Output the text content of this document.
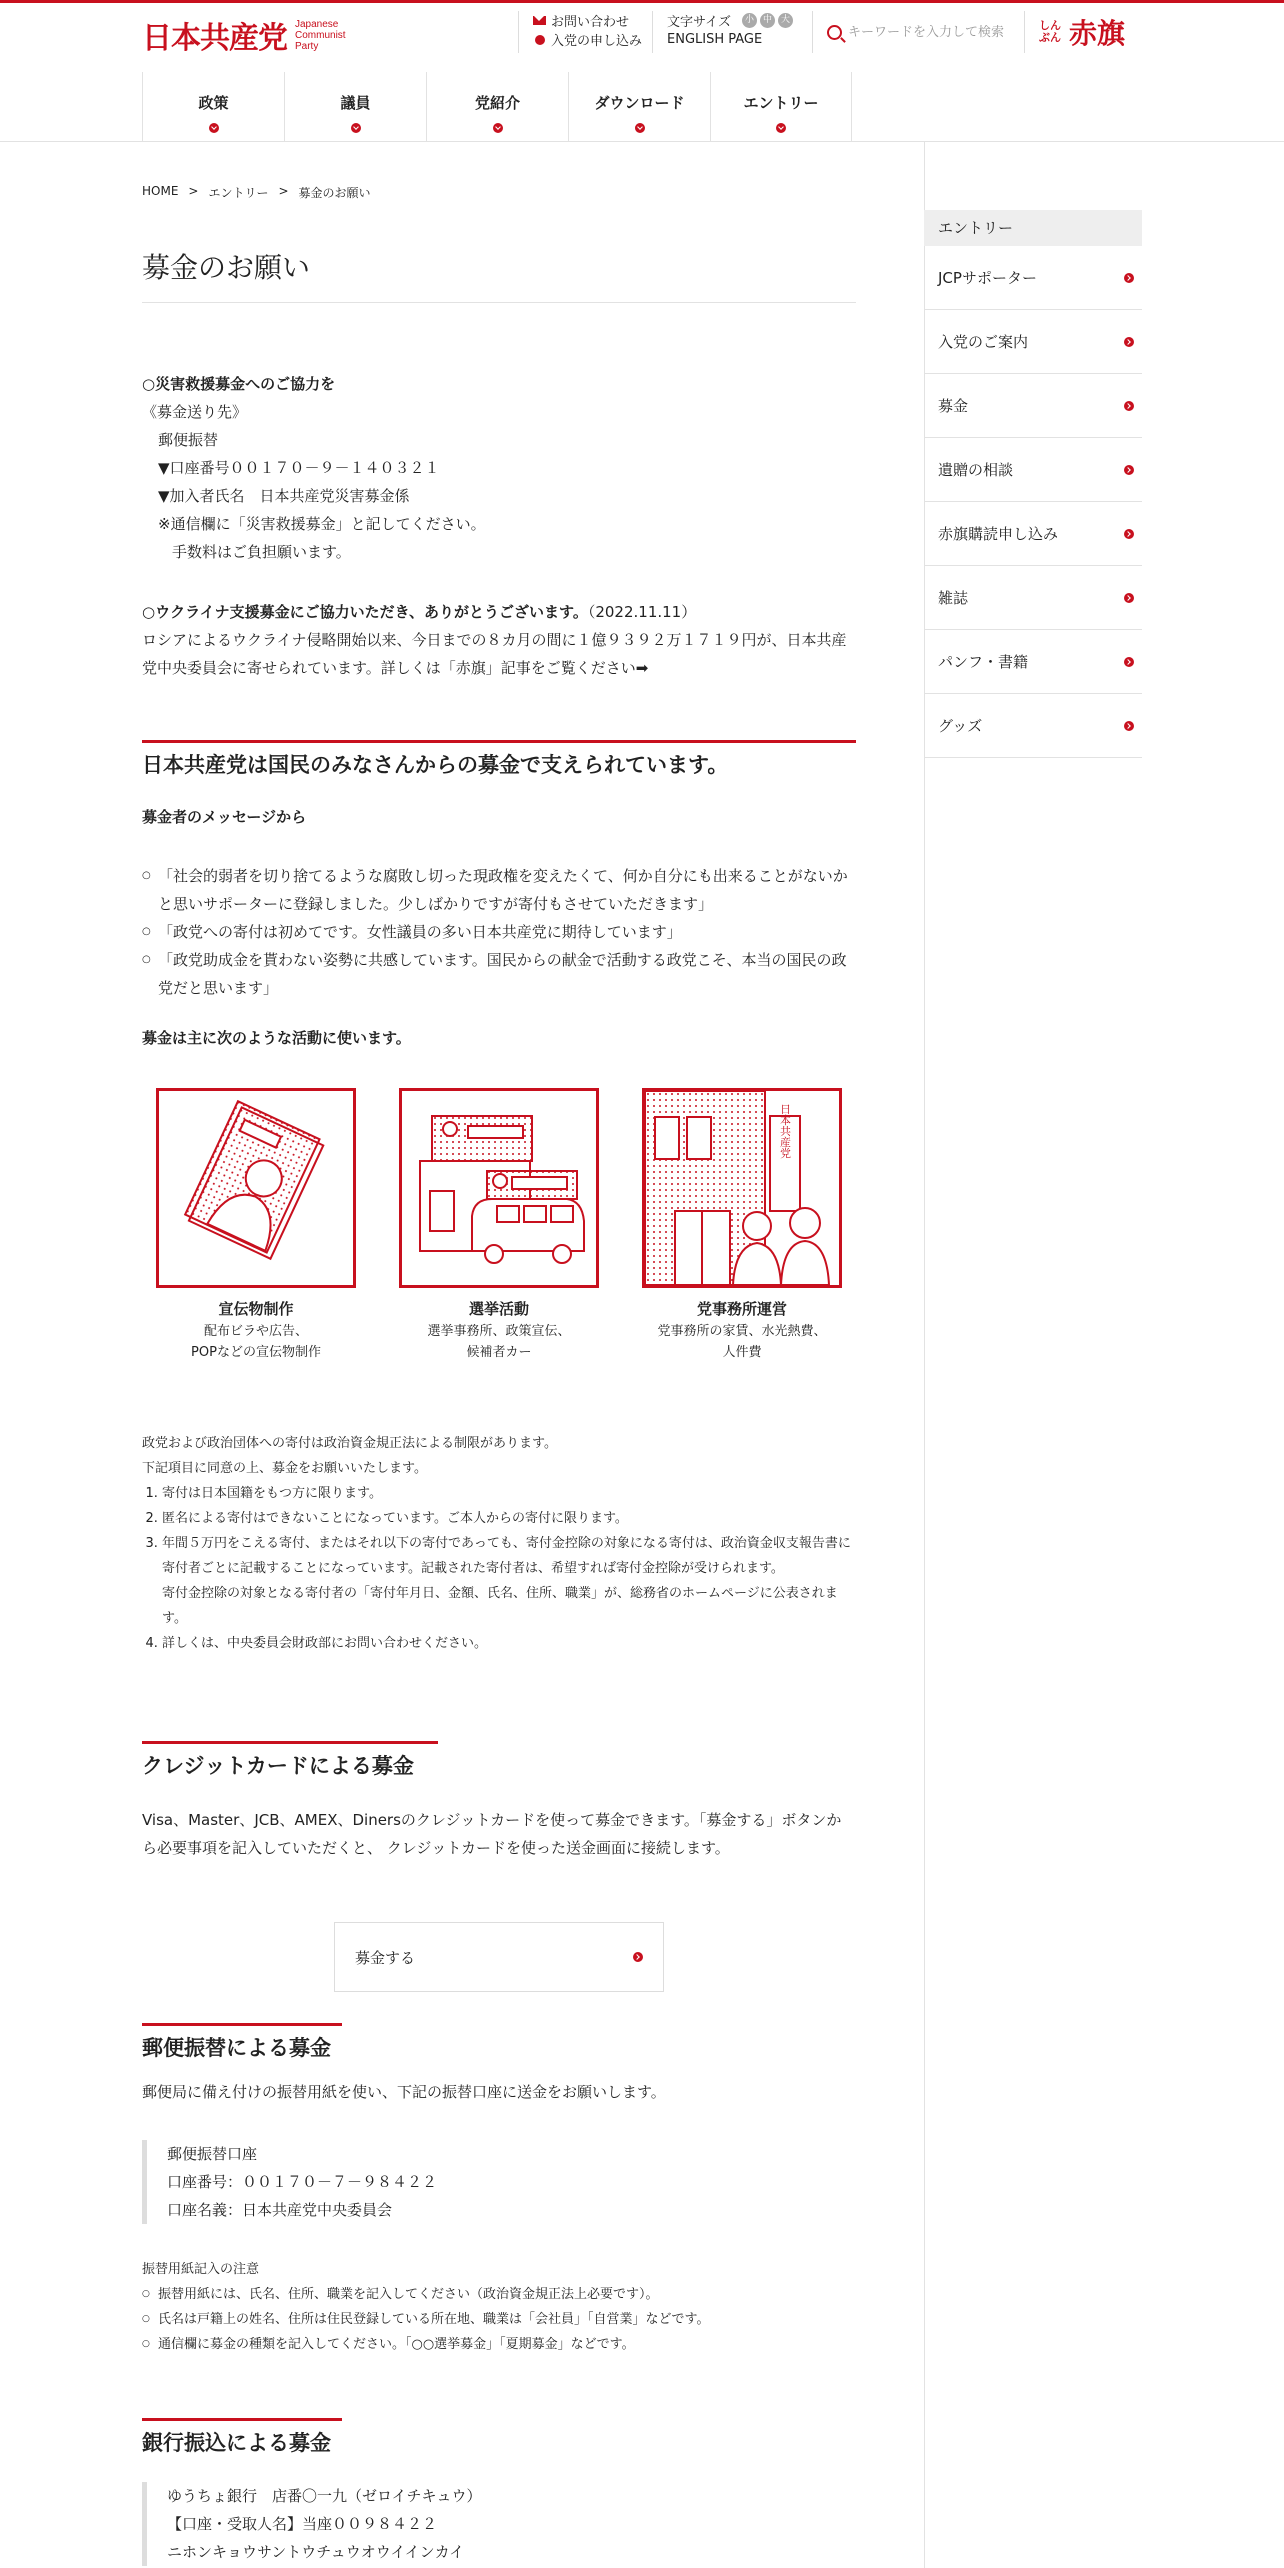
日本共産党 Japanese Communist Party
お問い合わせ
入党の申し込み
文字サイズ	小 中 大
ENGLISH PAGE
キーワードを入力して検索
しんぶん 赤旗
政策	議員	党紹介	ダウンロード	エントリー
HOME > エントリー > 募金のお願い
募金のお願い
○災害救援募金へのご協力を
《募金送り先》
郵便振替
▼口座番号００１７０－９－１４０３２１
▼加入者氏名　日本共産党災害募金係
※通信欄に「災害救援募金」と記してください。
手数料はご負担願います。
○ウクライナ支援募金にご協力いただき、ありがとうございます。（2022.11.11）
ロシアによるウクライナ侵略開始以来、今日までの８カ月の間に１億９３９２万１７１９円が、日本共産党中央委員会に寄せられています。詳しくは「赤旗」記事をご覧ください➡
日本共産党は国民のみなさんからの募金で支えられています。
募金者のメッセージから
○ 「社会的弱者を切り捨てるような腐敗し切った現政権を変えたくて、何か自分にも出来ることがないかと思いサポーターに登録しました。少しばかりですが寄付もさせていただきます」
○ 「政党への寄付は初めてです。女性議員の多い日本共産党に期待しています」
○ 「政党助成金を貰わない姿勢に共感しています。国民からの献金で活動する政党こそ、本当の国民の政党だと思います」
募金は主に次のような活動に使います。
宣伝物制作
配布ビラや広告、
POPなどの宣伝物制作
選挙活動
選挙事務所、政策宣伝、
候補者カー
日本共産党
党事務所運営
党事務所の家賃、水光熱費、
人件費
政党および政治団体への寄付は政治資金規正法による制限があります。
下記項目に同意の上、募金をお願いいたします。
1. 寄付は日本国籍をもつ方に限ります。
2. 匿名による寄付はできないことになっています。ご本人からの寄付に限ります。
3. 年間５万円をこえる寄付、またはそれ以下の寄付であっても、寄付金控除の対象になる寄付は、政治資金収支報告書に寄付者ごとに記載することになっています。記載された寄付者は、希望すれば寄付金控除が受けられます。
寄付金控除の対象となる寄付者の「寄付年月日、金額、氏名、住所、職業」が、総務省のホームページに公表されます。
4. 詳しくは、中央委員会財政部にお問い合わせください。
クレジットカードによる募金
Visa、Master、JCB、AMEX、Dinersのクレジットカードを使って募金できます。「募金する」ボタンから必要事項を記入していただくと、 クレジットカードを使った送金画面に接続します。
募金する
郵便振替による募金
郵便局に備え付けの振替用紙を使い、下記の振替口座に送金をお願いします。
郵便振替口座
口座番号：００１７０－７－９８４２２
口座名義：日本共産党中央委員会
振替用紙記入の注意
○ 振替用紙には、氏名、住所、職業を記入してください（政治資金規正法上必要です）。
○ 氏名は戸籍上の姓名、住所は住民登録している所在地、職業は「会社員」「自営業」などです。
○ 通信欄に募金の種類を記入してください。「○○選挙募金」「夏期募金」などです。
銀行振込による募金
ゆうちょ銀行　店番〇一九（ゼロイチキュウ）
【口座・受取人名】当座００９８４２２
ニホンキョウサントウチュウオウイインカイ
エントリー
JCPサポーター
入党のご案内
募金
遺贈の相談
赤旗購読申し込み
雑誌
パンフ・書籍
グッズ
